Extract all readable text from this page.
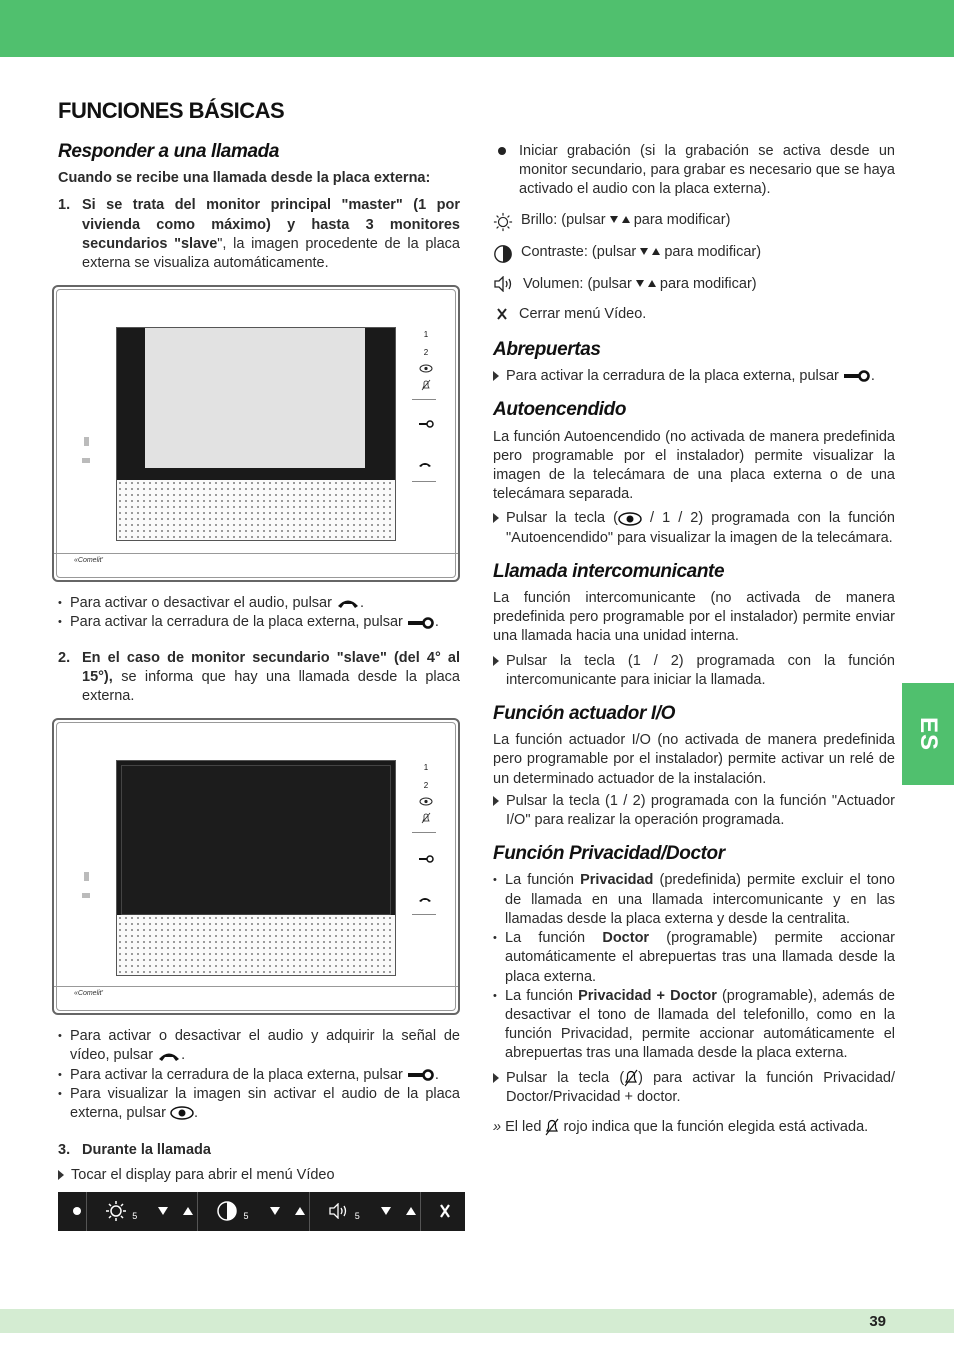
ES
FUNCIONES BÁSICAS
Responder a una llamada

Cuando se recibe una llamada desde la placa externa:

1. Si se trata del monitor principal "master" (1 por vivienda como máximo) y hasta 3 monitores secundarios "slave", la imagen procedente de la placa externa se visualiza automáticamente.
1
2
«Comelit'
• Para activar o desactivar el audio, pulsar .
• Para activar la cerradura de la placa externa, pulsar .
2. En el caso de monitor secundario "slave" (del 4° al 15°), se informa que hay una llamada desde la placa externa.
1
2
«Comelit'
• Para activar o desactivar el audio y adquirir la señal de vídeo, pulsar .
• Para activar la cerradura de la placa externa, pulsar .
• Para visualizar la imagen sin activar el audio de la placa externa, pulsar .
3. Durante la llamada
Tocar el display para abrir el menú Vídeo
5	5	5
Iniciar grabación (si la grabación se activa desde un monitor secundario, para grabar es necesario que se haya activado el audio con la placa externa).
Brillo: (pulsar para modificar)
Contraste: (pulsar para modificar)
Volumen: (pulsar para modificar)
Cerrar menú Vídeo.
Abrepuertas
Para activar la cerradura de la placa externa, pulsar .
Autoencendido

La función Autoencendido (no activada de manera predefinida pero programable por el instalador) permite visualizar la imagen de la telecámara de una placa externa o de una telecámara separada.

Pulsar la tecla ( / 1 / 2) programada con la función "Autoencendido" para visualizar la imagen de la telecámara.
Llamada intercomunicante

La función intercomunicante (no activada de manera predefinida pero programable por el instalador) permite enviar una llamada hacia una unidad interna.

Pulsar la tecla (1 / 2) programada con la función intercomunicante para iniciar la llamada.
Función actuador I/O

La función actuador I/O (no activada de manera predefinida pero programable por el instalador) permite activar un relé de un determinado actuador de la instalación.

Pulsar la tecla (1 / 2) programada con la función "Actuador I/O" para realizar la operación programada.
Función Privacidad/Doctor
• La función Privacidad (predefinida) permite excluir el tono de llamada en una llamada intercomunicante y en las llamadas desde la placa externa y desde la centralita.
• La función Doctor (programable) permite accionar automáticamente el abrepuertas tras una llamada desde la placa externa.
• La función Privacidad + Doctor (programable), además de desactivar el tono de llamada del telefonillo, como en la función Privacidad, permite accionar automáticamente el abrepuertas tras una llamada desde la placa externa.
Pulsar la tecla ( ) para activar la función Privacidad/ Doctor/Privacidad + doctor.

» El led rojo indica que la función elegida está activada.

39
